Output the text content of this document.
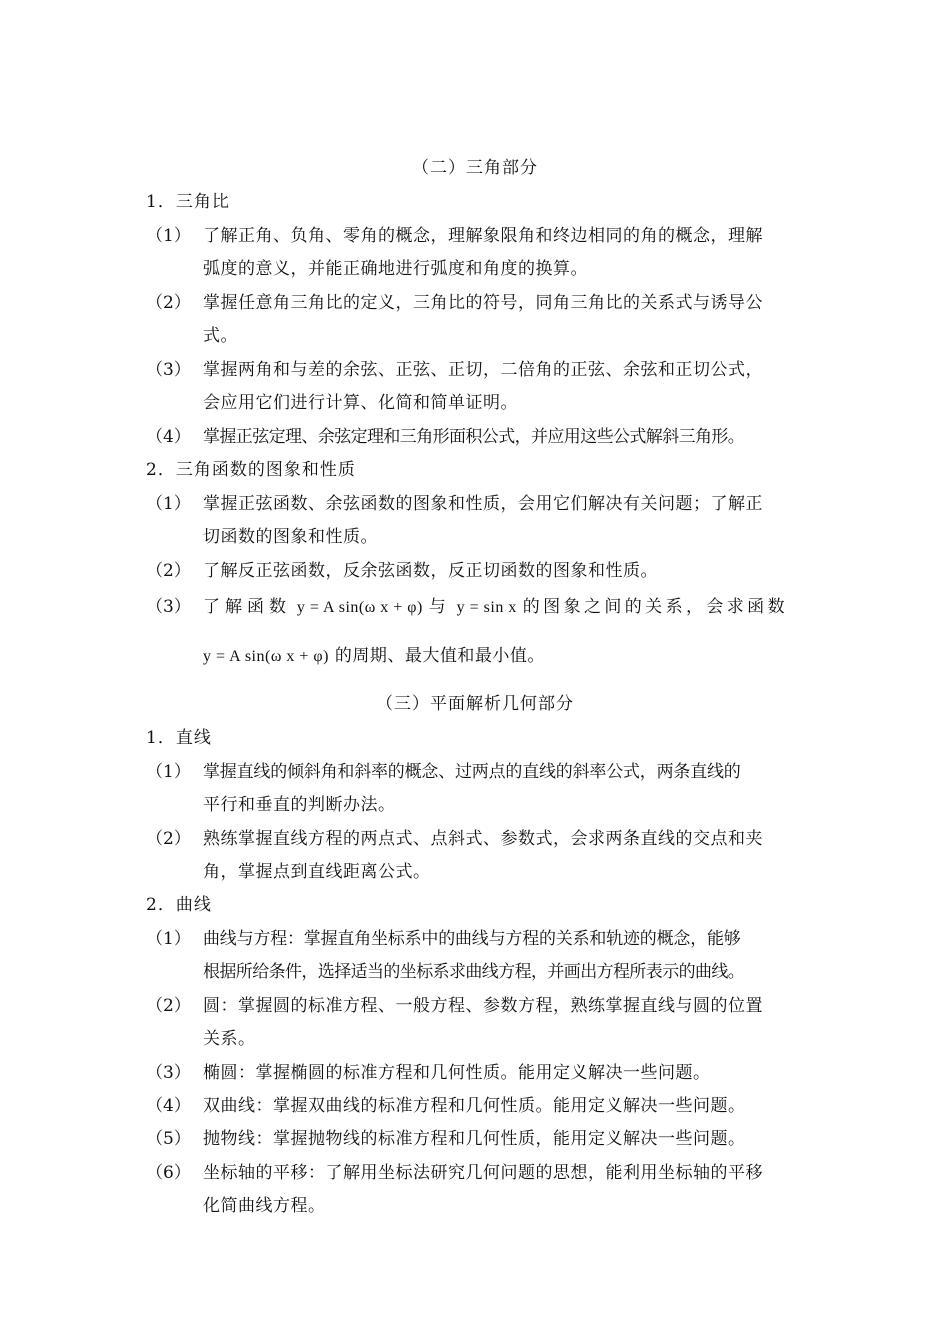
（二）三角部分
1．三角比
（1） 了解正角、负角、零角的概念，理解象限角和终边相同的角的概念，理解
弧度的意义，并能正确地进行弧度和角度的换算。
（2） 掌握任意角三角比的定义，三角比的符号，同角三角比的关系式与诱导公
式。
（3） 掌握两角和与差的余弦、正弦、正切，二倍角的正弦、余弦和正切公式，
会应用它们进行计算、化简和简单证明。
（4） 掌握正弦定理、余弦定理和三角形面积公式，并应用这些公式解斜三角形。
2．三角函数的图象和性质
（1） 掌握正弦函数、余弦函数的图象和性质，会用它们解决有关问题；了解正
切函数的图象和性质。
（2） 了解反正弦函数，反余弦函数，反正切函数的图象和性质。
（3） 了解函数 y = A sin(ω x + φ) 与 y = sin x 的图象之间的关系，会求函数
y = A sin(ω x + φ) 的周期、最大值和最小值。
（三）平面解析几何部分
1．直线
（1） 掌握直线的倾斜角和斜率的概念、过两点的直线的斜率公式，两条直线的
平行和垂直的判断办法。
（2） 熟练掌握直线方程的两点式、点斜式、参数式，会求两条直线的交点和夹
角，掌握点到直线距离公式。
2．曲线
（1） 曲线与方程：掌握直角坐标系中的曲线与方程的关系和轨迹的概念，能够
根据所给条件，选择适当的坐标系求曲线方程，并画出方程所表示的曲线。
（2） 圆：掌握圆的标准方程、一般方程、参数方程，熟练掌握直线与圆的位置
关系。
（3） 椭圆：掌握椭圆的标准方程和几何性质。能用定义解决一些问题。
（4） 双曲线：掌握双曲线的标准方程和几何性质。能用定义解决一些问题。
（5） 抛物线：掌握抛物线的标准方程和几何性质，能用定义解决一些问题。
（6） 坐标轴的平移：了解用坐标法研究几何问题的思想，能利用坐标轴的平移
化简曲线方程。
